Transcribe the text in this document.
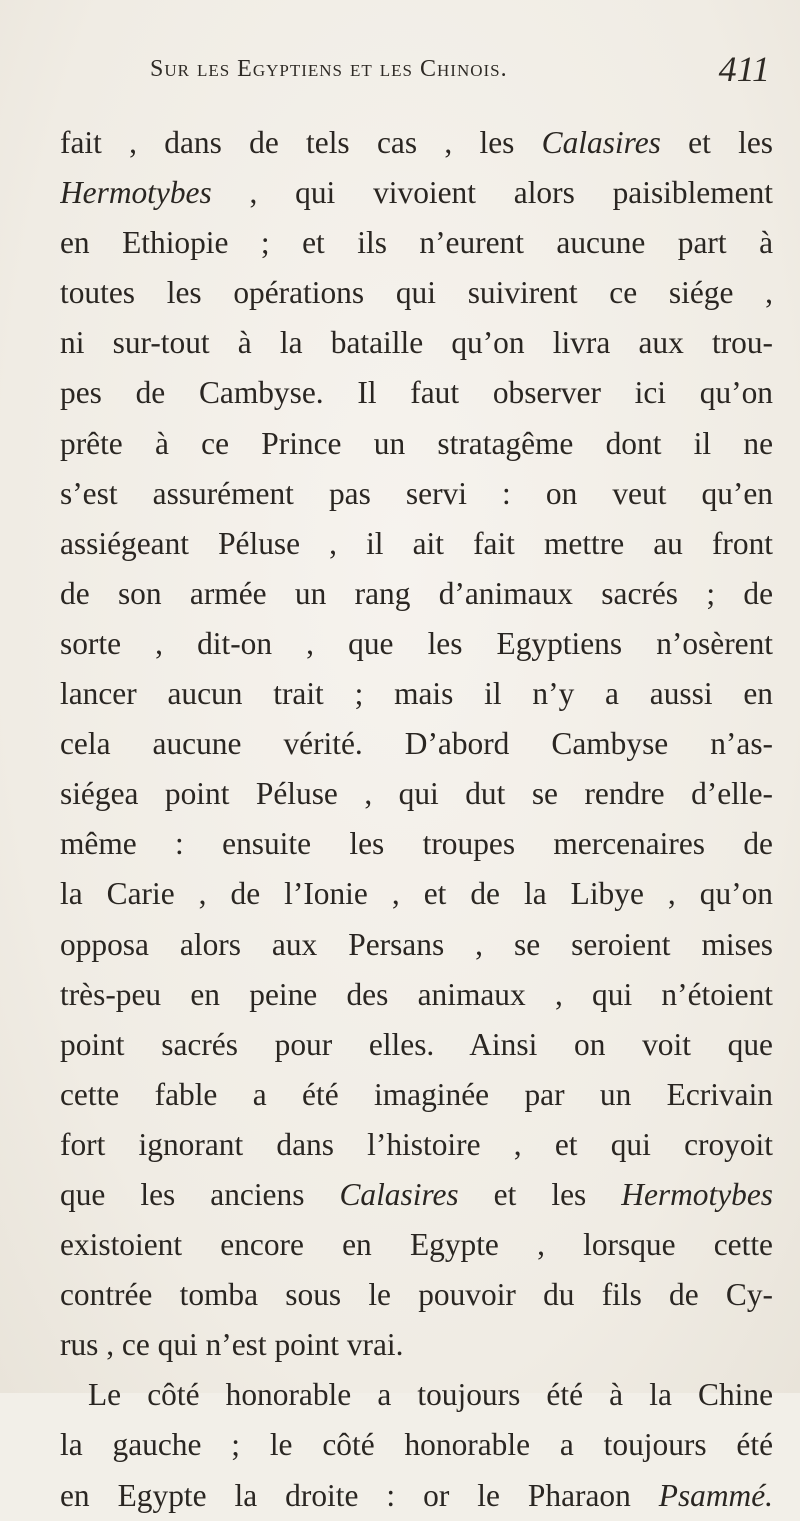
Sur les Egyptiens et les Chinois.	411
fait , dans de tels cas , les Calasires et les
Hermotybes , qui vivoient alors paisiblement
en Ethiopie ; et ils n’eurent aucune part à
toutes les opérations qui suivirent ce siége ,
ni sur-tout à la bataille qu’on livra aux trou-
pes de Cambyse. Il faut observer ici qu’on
prête à ce Prince un stratagême dont il ne
s’est assurément pas servi : on veut qu’en
assiégeant Péluse , il ait fait mettre au front
de son armée un rang d’animaux sacrés ; de
sorte , dit-on , que les Egyptiens n’osèrent
lancer aucun trait ; mais il n’y a aussi en
cela aucune vérité. D’abord Cambyse n’as-
siégea point Péluse , qui dut se rendre d’elle-
même : ensuite les troupes mercenaires de
la Carie , de l’Ionie , et de la Libye , qu’on
opposa alors aux Persans , se seroient mises
très-peu en peine des animaux , qui n’étoient
point sacrés pour elles. Ainsi on voit que
cette fable a été imaginée par un Ecrivain
fort ignorant dans l’histoire , et qui croyoit
que les anciens Calasires et les Hermotybes
existoient encore en Egypte , lorsque cette
contrée tomba sous le pouvoir du fils de Cy-
rus , ce qui n’est point vrai.
Le côté honorable a toujours été à la Chine
la gauche ; le côté honorable a toujours été
en Egypte la droite : or le Pharaon Psammé.
